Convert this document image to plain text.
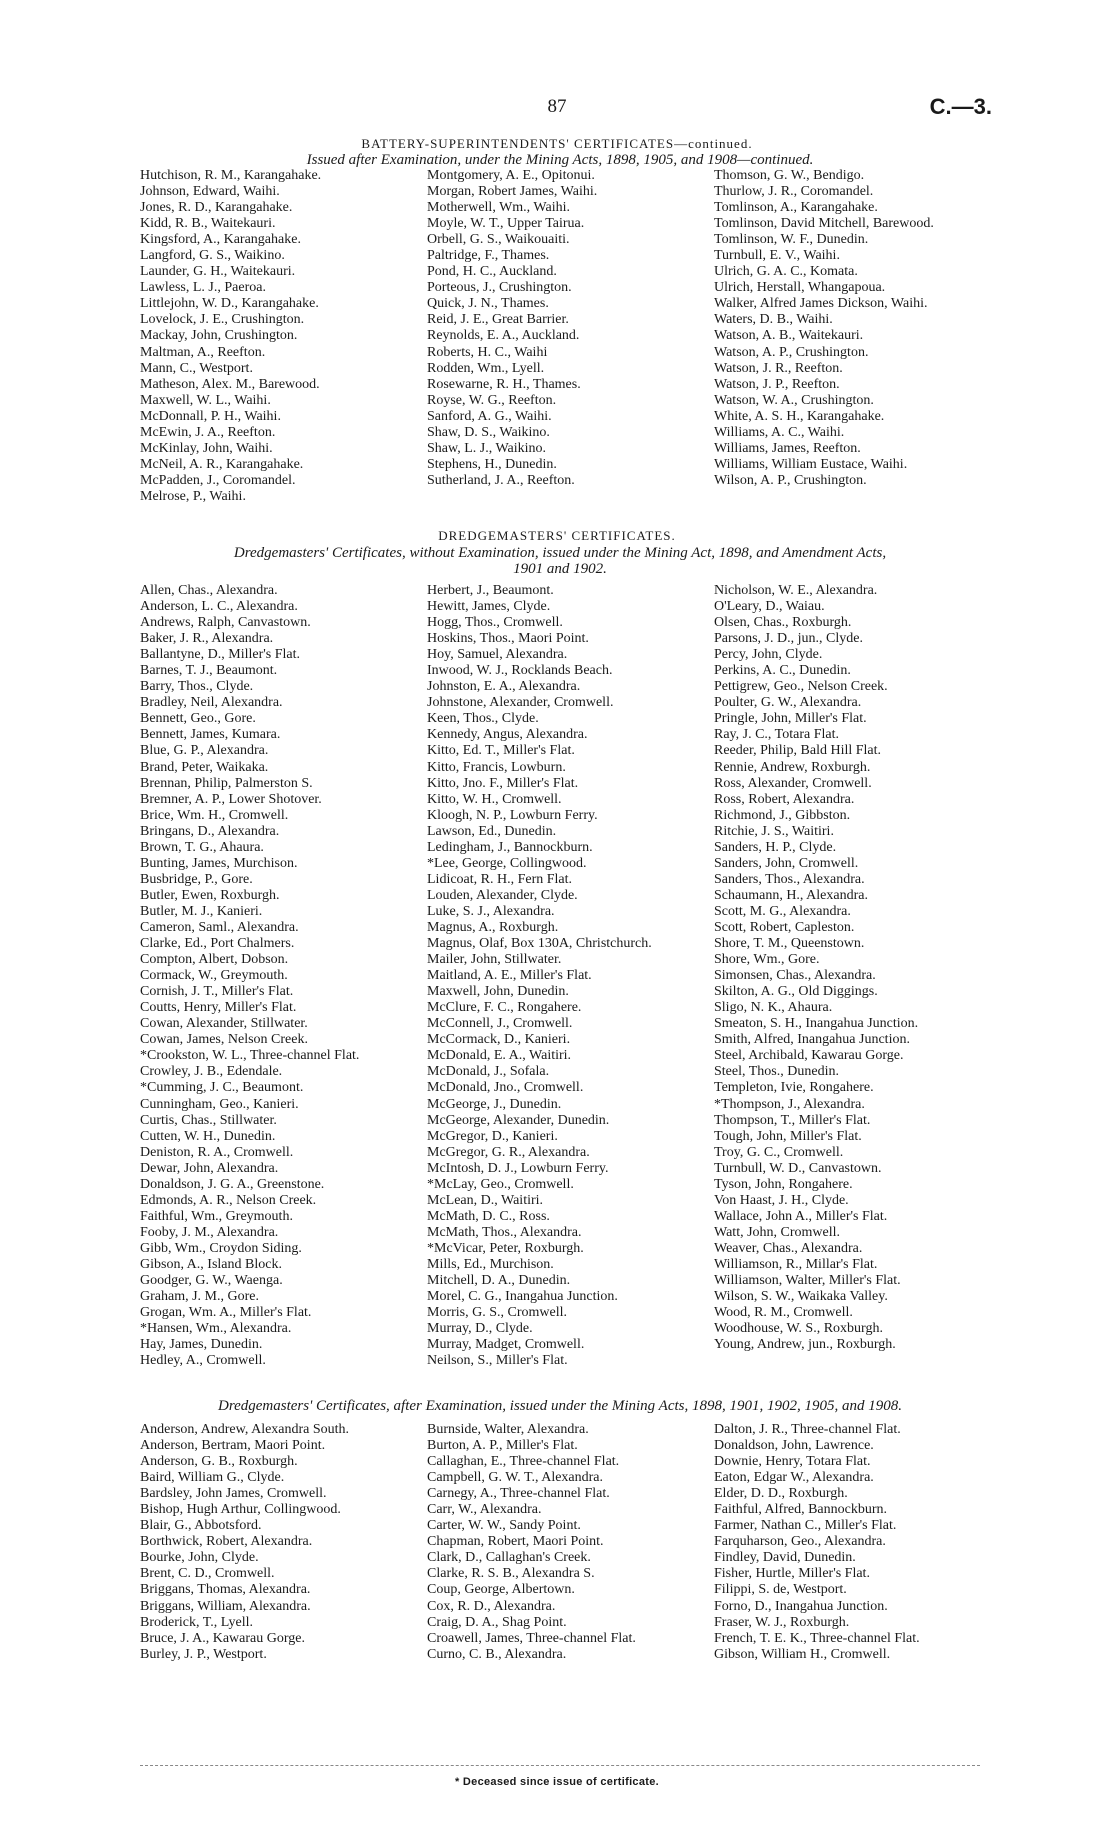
87	C.—3.
BATTERY-SUPERINTENDENTS' CERTIFICATES—continued.
Issued after Examination, under the Mining Acts, 1898, 1905, and 1908—continued.
Hutchison, R. M., Karangahake.
Johnson, Edward, Waihi.
Jones, R. D., Karangahake.
Kidd, R. B., Waitekauri.
Kingsford, A., Karangahake.
Langford, G. S., Waikino.
Launder, G. H., Waitekauri.
Lawless, L. J., Paeroa.
Littlejohn, W. D., Karangahake.
Lovelock, J. E., Crushington.
Mackay, John, Crushington.
Maltman, A., Reefton.
Mann, C., Westport.
Matheson, Alex. M., Barewood.
Maxwell, W. L., Waihi.
McDonnall, P. H., Waihi.
McEwin, J. A., Reefton.
McKinlay, John, Waihi.
McNeil, A. R., Karangahake.
McPadden, J., Coromandel.
Melrose, P., Waihi.
Montgomery, A. E., Opitonui.
Morgan, Robert James, Waihi.
Motherwell, Wm., Waihi.
Moyle, W. T., Upper Tairua.
Orbell, G. S., Waikouaiti.
Paltridge, F., Thames.
Pond, H. C., Auckland.
Porteous, J., Crushington.
Quick, J. N., Thames.
Reid, J. E., Great Barrier.
Reynolds, E. A., Auckland.
Roberts, H. C., Waihi
Rodden, Wm., Lyell.
Rosewarne, R. H., Thames.
Royse, W. G., Reefton.
Sanford, A. G., Waihi.
Shaw, D. S., Waikino.
Shaw, L. J., Waikino.
Stephens, H., Dunedin.
Sutherland, J. A., Reefton.
Thomson, G. W., Bendigo.
Thurlow, J. R., Coromandel.
Tomlinson, A., Karangahake.
Tomlinson, David Mitchell, Barewood.
Tomlinson, W. F., Dunedin.
Turnbull, E. V., Waihi.
Ulrich, G. A. C., Komata.
Ulrich, Herstall, Whangapoua.
Walker, Alfred James Dickson, Waihi.
Waters, D. B., Waihi.
Watson, A. B., Waitekauri.
Watson, A. P., Crushington.
Watson, J. R., Reefton.
Watson, J. P., Reefton.
Watson, W. A., Crushington.
White, A. S. H., Karangahake.
Williams, A. C., Waihi.
Williams, James, Reefton.
Williams, William Eustace, Waihi.
Wilson, A. P., Crushington.
DREDGEMASTERS' CERTIFICATES.
Dredgemasters' Certificates, without Examination, issued under the Mining Act, 1898, and Amendment Acts,
1901 and 1902.
Allen, Chas., Alexandra.
Anderson, L. C., Alexandra.
Andrews, Ralph, Canvastown.
Baker, J. R., Alexandra.
Ballantyne, D., Miller's Flat.
Barnes, T. J., Beaumont.
Barry, Thos., Clyde.
Bradley, Neil, Alexandra.
Bennett, Geo., Gore.
Bennett, James, Kumara.
Blue, G. P., Alexandra.
Brand, Peter, Waikaka.
Brennan, Philip, Palmerston S.
Bremner, A. P., Lower Shotover.
Brice, Wm. H., Cromwell.
Bringans, D., Alexandra.
Brown, T. G., Ahaura.
Bunting, James, Murchison.
Busbridge, P., Gore.
Butler, Ewen, Roxburgh.
Butler, M. J., Kanieri.
Cameron, Saml., Alexandra.
Clarke, Ed., Port Chalmers.
Compton, Albert, Dobson.
Cormack, W., Greymouth.
Cornish, J. T., Miller's Flat.
Coutts, Henry, Miller's Flat.
Cowan, Alexander, Stillwater.
Cowan, James, Nelson Creek.
*Crookston, W. L., Three-channel Flat.
Crowley, J. B., Edendale.
*Cumming, J. C., Beaumont.
Cunningham, Geo., Kanieri.
Curtis, Chas., Stillwater.
Cutten, W. H., Dunedin.
Deniston, R. A., Cromwell.
Dewar, John, Alexandra.
Donaldson, J. G. A., Greenstone.
Edmonds, A. R., Nelson Creek.
Faithful, Wm., Greymouth.
Fooby, J. M., Alexandra.
Gibb, Wm., Croydon Siding.
Gibson, A., Island Block.
Goodger, G. W., Waenga.
Graham, J. M., Gore.
Grogan, Wm. A., Miller's Flat.
*Hansen, Wm., Alexandra.
Hay, James, Dunedin.
Hedley, A., Cromwell.
Herbert, J., Beaumont.
Hewitt, James, Clyde.
Hogg, Thos., Cromwell.
Hoskins, Thos., Maori Point.
Hoy, Samuel, Alexandra.
Inwood, W. J., Rocklands Beach.
Johnston, E. A., Alexandra.
Johnstone, Alexander, Cromwell.
Keen, Thos., Clyde.
Kennedy, Angus, Alexandra.
Kitto, Ed. T., Miller's Flat.
Kitto, Francis, Lowburn.
Kitto, Jno. F., Miller's Flat.
Kitto, W. H., Cromwell.
Kloogh, N. P., Lowburn Ferry.
Lawson, Ed., Dunedin.
Ledingham, J., Bannockburn.
*Lee, George, Collingwood.
Lidicoat, R. H., Fern Flat.
Louden, Alexander, Clyde.
Luke, S. J., Alexandra.
Magnus, A., Roxburgh.
Magnus, Olaf, Box 130A, Christchurch.
Mailer, John, Stillwater.
Maitland, A. E., Miller's Flat.
Maxwell, John, Dunedin.
McClure, F. C., Rongahere.
McConnell, J., Cromwell.
McCormack, D., Kanieri.
McDonald, E. A., Waitiri.
McDonald, J., Sofala.
McDonald, Jno., Cromwell.
McGeorge, J., Dunedin.
McGeorge, Alexander, Dunedin.
McGregor, D., Kanieri.
McGregor, G. R., Alexandra.
McIntosh, D. J., Lowburn Ferry.
*McLay, Geo., Cromwell.
McLean, D., Waitiri.
McMath, D. C., Ross.
McMath, Thos., Alexandra.
*McVicar, Peter, Roxburgh.
Mills, Ed., Murchison.
Mitchell, D. A., Dunedin.
Morel, C. G., Inangahua Junction.
Morris, G. S., Cromwell.
Murray, D., Clyde.
Murray, Madget, Cromwell.
Neilson, S., Miller's Flat.
Nicholson, W. E., Alexandra.
O'Leary, D., Waiau.
Olsen, Chas., Roxburgh.
Parsons, J. D., jun., Clyde.
Percy, John, Clyde.
Perkins, A. C., Dunedin.
Pettigrew, Geo., Nelson Creek.
Poulter, G. W., Alexandra.
Pringle, John, Miller's Flat.
Ray, J. C., Totara Flat.
Reeder, Philip, Bald Hill Flat.
Rennie, Andrew, Roxburgh.
Ross, Alexander, Cromwell.
Ross, Robert, Alexandra.
Richmond, J., Gibbston.
Ritchie, J. S., Waitiri.
Sanders, H. P., Clyde.
Sanders, John, Cromwell.
Sanders, Thos., Alexandra.
Schaumann, H., Alexandra.
Scott, M. G., Alexandra.
Scott, Robert, Capleston.
Shore, T. M., Queenstown.
Shore, Wm., Gore.
Simonsen, Chas., Alexandra.
Skilton, A. G., Old Diggings.
Sligo, N. K., Ahaura.
Smeaton, S. H., Inangahua Junction.
Smith, Alfred, Inangahua Junction.
Steel, Archibald, Kawarau Gorge.
Steel, Thos., Dunedin.
Templeton, Ivie, Rongahere.
*Thompson, J., Alexandra.
Thompson, T., Miller's Flat.
Tough, John, Miller's Flat.
Troy, G. C., Cromwell.
Turnbull, W. D., Canvastown.
Tyson, John, Rongahere.
Von Haast, J. H., Clyde.
Wallace, John A., Miller's Flat.
Watt, John, Cromwell.
Weaver, Chas., Alexandra.
Williamson, R., Millar's Flat.
Williamson, Walter, Miller's Flat.
Wilson, S. W., Waikaka Valley.
Wood, R. M., Cromwell.
Woodhouse, W. S., Roxburgh.
Young, Andrew, jun., Roxburgh.
Dredgemasters' Certificates, after Examination, issued under the Mining Acts, 1898, 1901, 1902, 1905, and 1908.
Anderson, Andrew, Alexandra South.
Anderson, Bertram, Maori Point.
Anderson, G. B., Roxburgh.
Baird, William G., Clyde.
Bardsley, John James, Cromwell.
Bishop, Hugh Arthur, Collingwood.
Blair, G., Abbotsford.
Borthwick, Robert, Alexandra.
Bourke, John, Clyde.
Brent, C. D., Cromwell.
Briggans, Thomas, Alexandra.
Briggans, William, Alexandra.
Broderick, T., Lyell.
Bruce, J. A., Kawarau Gorge.
Burley, J. P., Westport.
Burnside, Walter, Alexandra.
Burton, A. P., Miller's Flat.
Callaghan, E., Three-channel Flat.
Campbell, G. W. T., Alexandra.
Carnegy, A., Three-channel Flat.
Carr, W., Alexandra.
Carter, W. W., Sandy Point.
Chapman, Robert, Maori Point.
Clark, D., Callaghan's Creek.
Clarke, R. S. B., Alexandra S.
Coup, George, Albertown.
Cox, R. D., Alexandra.
Craig, D. A., Shag Point.
Croawell, James, Three-channel Flat.
Curno, C. B., Alexandra.
Dalton, J. R., Three-channel Flat.
Donaldson, John, Lawrence.
Downie, Henry, Totara Flat.
Eaton, Edgar W., Alexandra.
Elder, D. D., Roxburgh.
Faithful, Alfred, Bannockburn.
Farmer, Nathan C., Miller's Flat.
Farquharson, Geo., Alexandra.
Findley, David, Dunedin.
Fisher, Hurtle, Miller's Flat.
Filippi, S. de, Westport.
Forno, D., Inangahua Junction.
Fraser, W. J., Roxburgh.
French, T. E. K., Three-channel Flat.
Gibson, William H., Cromwell.
* Deceased since issue of certificate.
